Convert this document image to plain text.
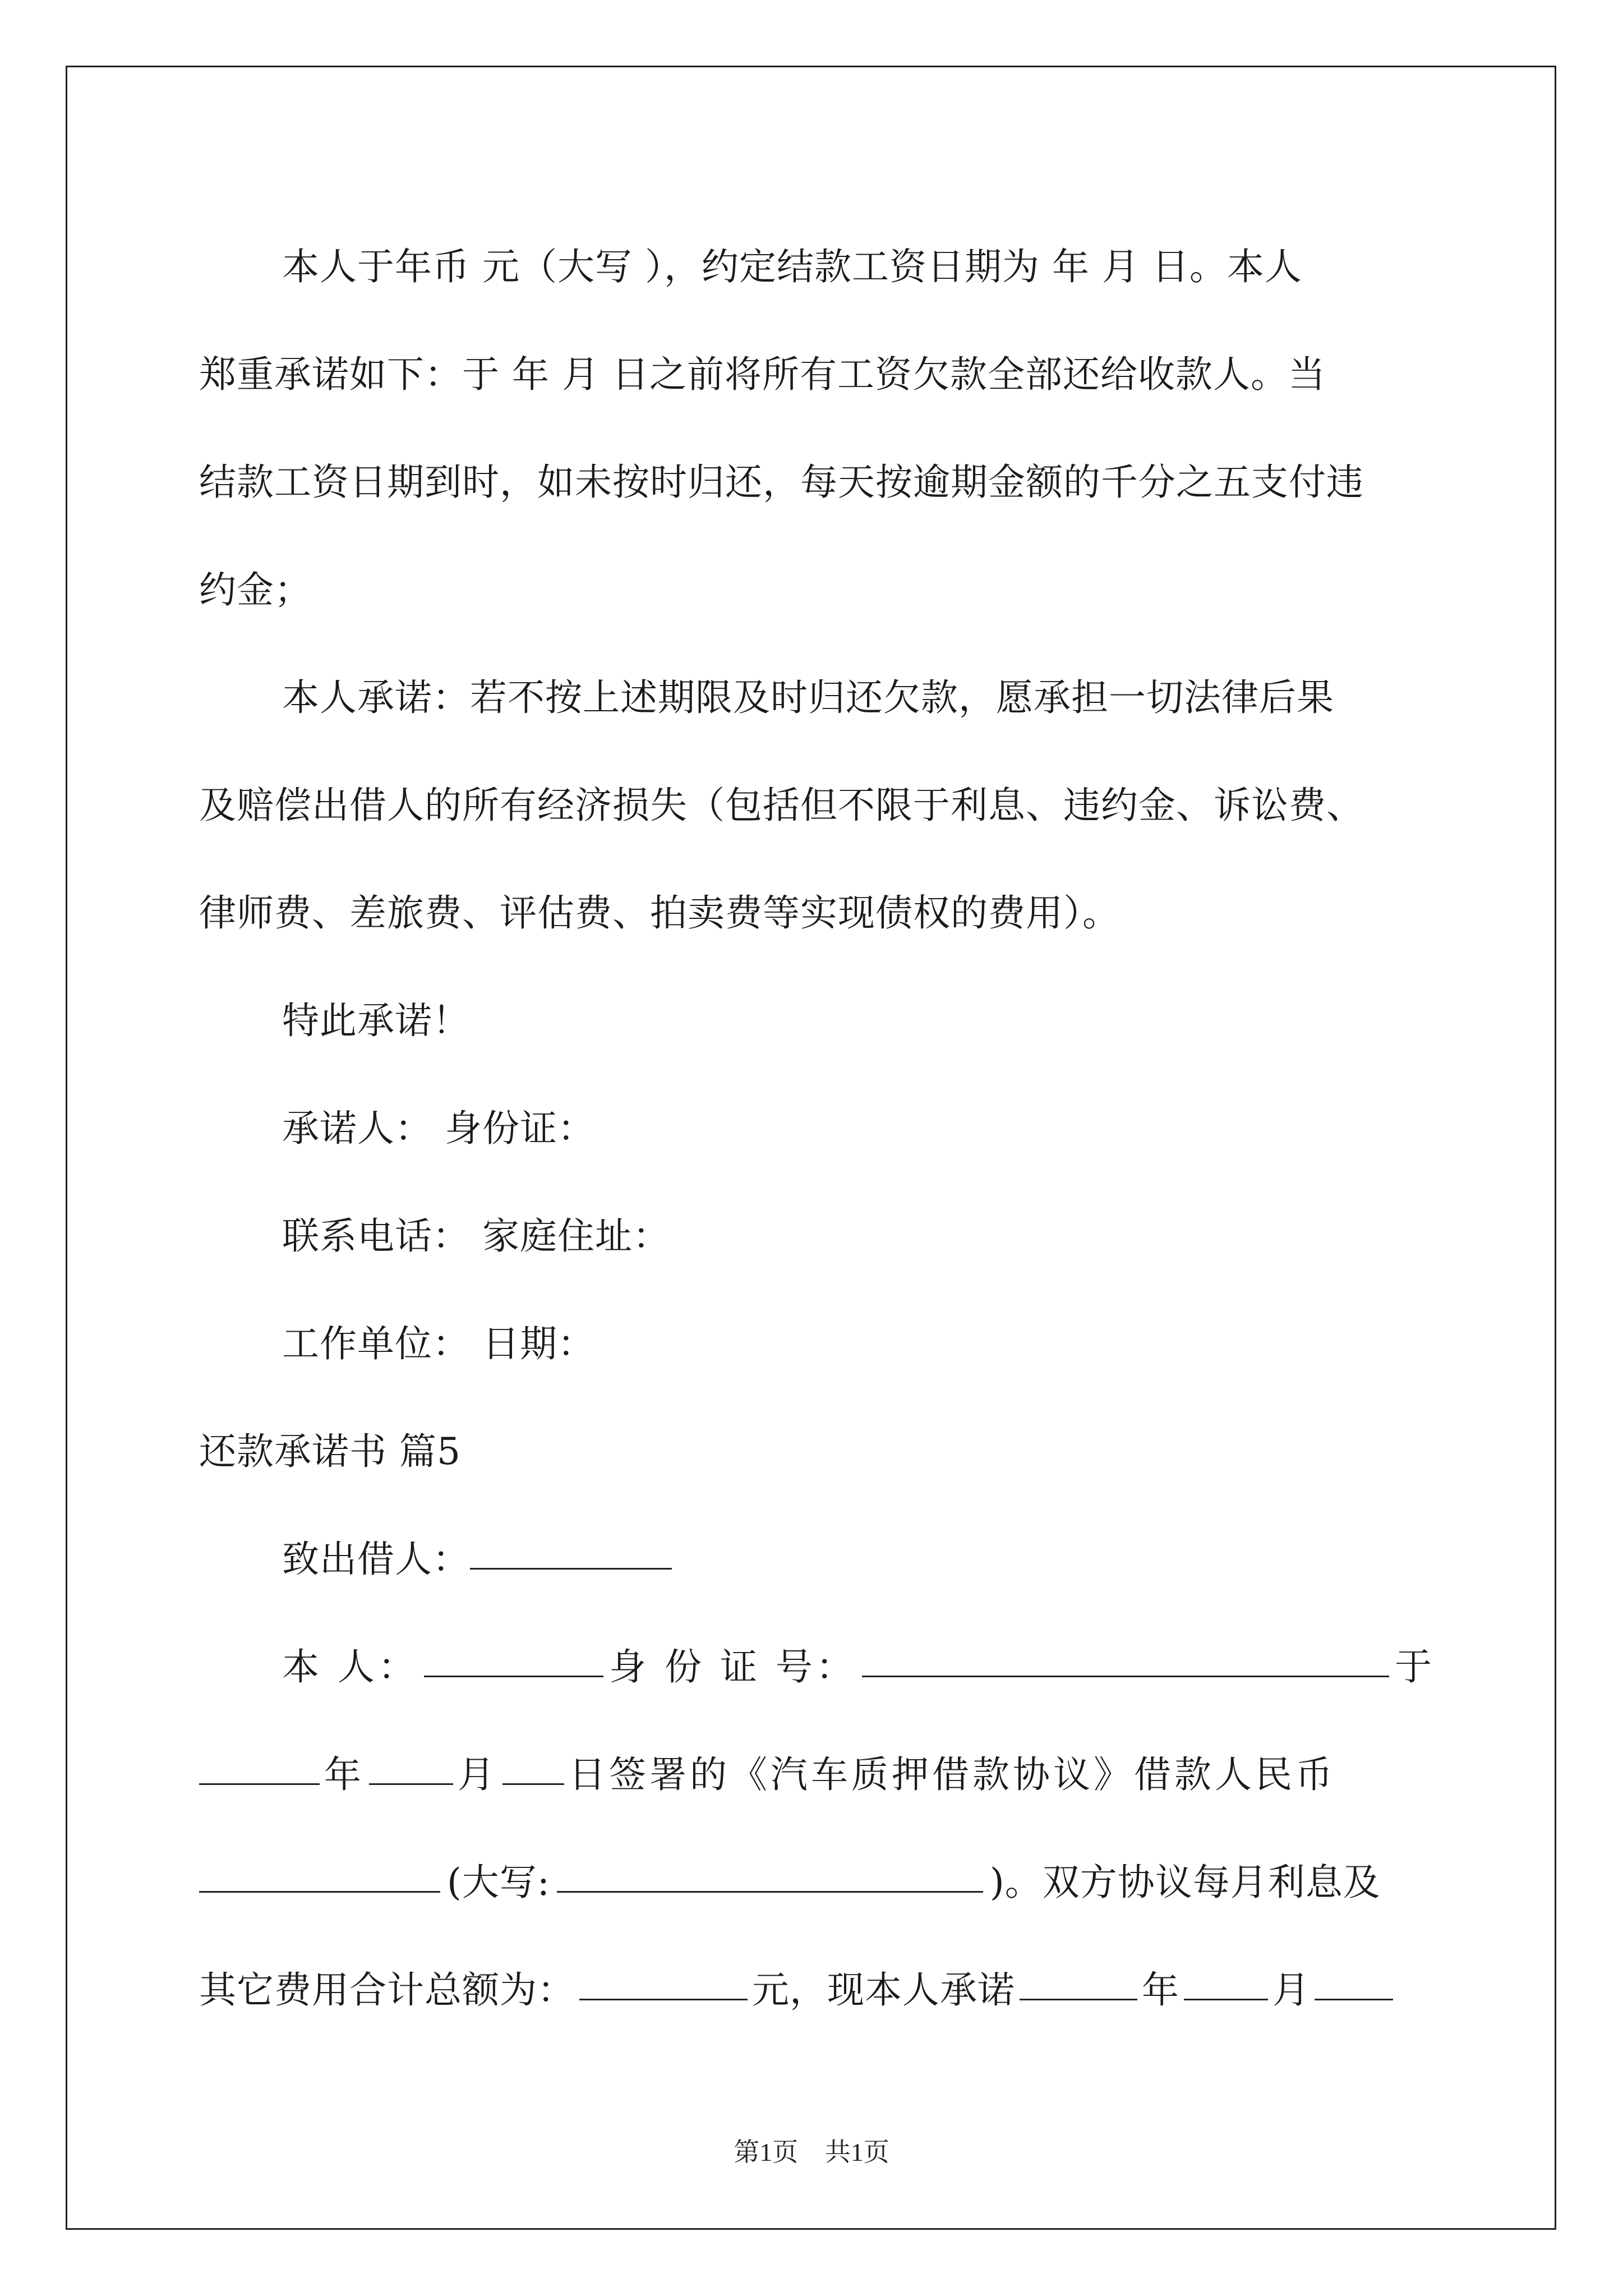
本人于年币 元（大写 ），约定结款工资日期为 年 月 日。本人

郑重承诺如下：于 年 月 日之前将所有工资欠款全部还给收款人。当

结款工资日期到时，如未按时归还，每天按逾期金额的千分之五支付违

约金；

本人承诺：若不按上述期限及时归还欠款，愿承担一切法律后果

及赔偿出借人的所有经济损失（包括但不限于利息、违约金、诉讼费、

律师费、差旅费、评估费、拍卖费等实现债权的费用）。

特此承诺！

承诺人： 身份证：

联系电话： 家庭住址：

工作单位： 日期：

还款承诺书 篇5

致出借人：

本 人：	身 份 证 号：	于

年	月 日签署的《汽车质押借款协议》借款人民币

(大写:	)。双方协议每月利息及

其它费用合计总额为：	元，现本人承诺	年	月

第1页 共1页
